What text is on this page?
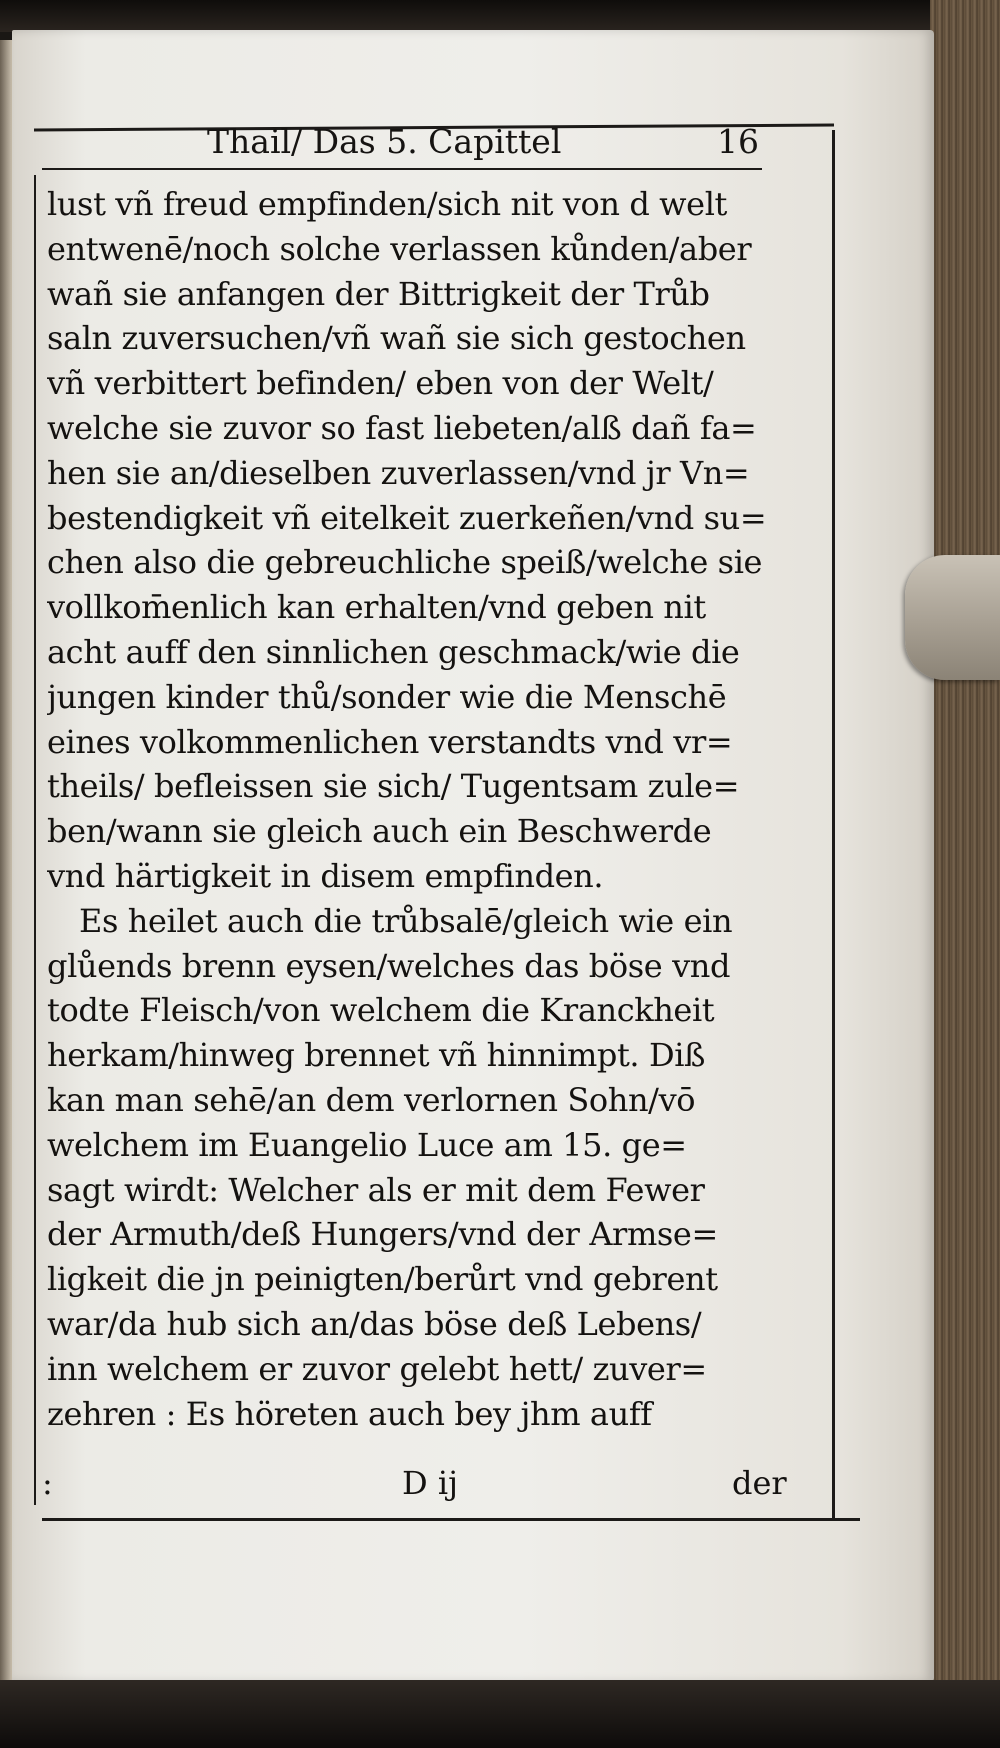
Thail/ Das 5. Capittel	16
lust vñ freud empfinden/sich nit von d welt
entwenē/noch solche verlassen kůnden/aber
wañ sie anfangen der Bittrigkeit der Trůb
saln zuversuchen/vñ wañ sie sich gestochen
vñ verbittert befinden/ eben von der Welt/
welche sie zuvor so fast liebeten/alß dañ fa=
hen sie an/dieselben zuverlassen/vnd jr Vn=
bestendigkeit vñ eitelkeit zuerkeñen/vnd su=
chen also die gebreuchliche speiß/welche sie
vollkom̄enlich kan erhalten/vnd geben nit
acht auff den sinnlichen geschmack/wie die
jungen kinder thů/sonder wie die Menschē
eines volkommenlichen verstandts vnd vr=
theils/ befleissen sie sich/ Tugentsam zule=
ben/wann sie gleich auch ein Beschwerde
vnd härtigkeit in disem empfinden.
Es heilet auch die trůbsalē/gleich wie ein
glůends brenn eysen/welches das böse vnd
todte Fleisch/von welchem die Kranckheit
herkam/hinweg brennet vñ hinnimpt. Diß
kan man sehē/an dem verlornen Sohn/vō
welchem im Euangelio Luce am 15. ge=
sagt wirdt: Welcher als er mit dem Fewer
der Armuth/deß Hungers/vnd der Armse=
ligkeit die jn peinigten/berůrt vnd gebrent
war/da hub sich an/das böse deß Lebens/
inn welchem er zuvor gelebt hett/ zuver=
zehren : Es höreten auch bey jhm auff
:	D ij	der
